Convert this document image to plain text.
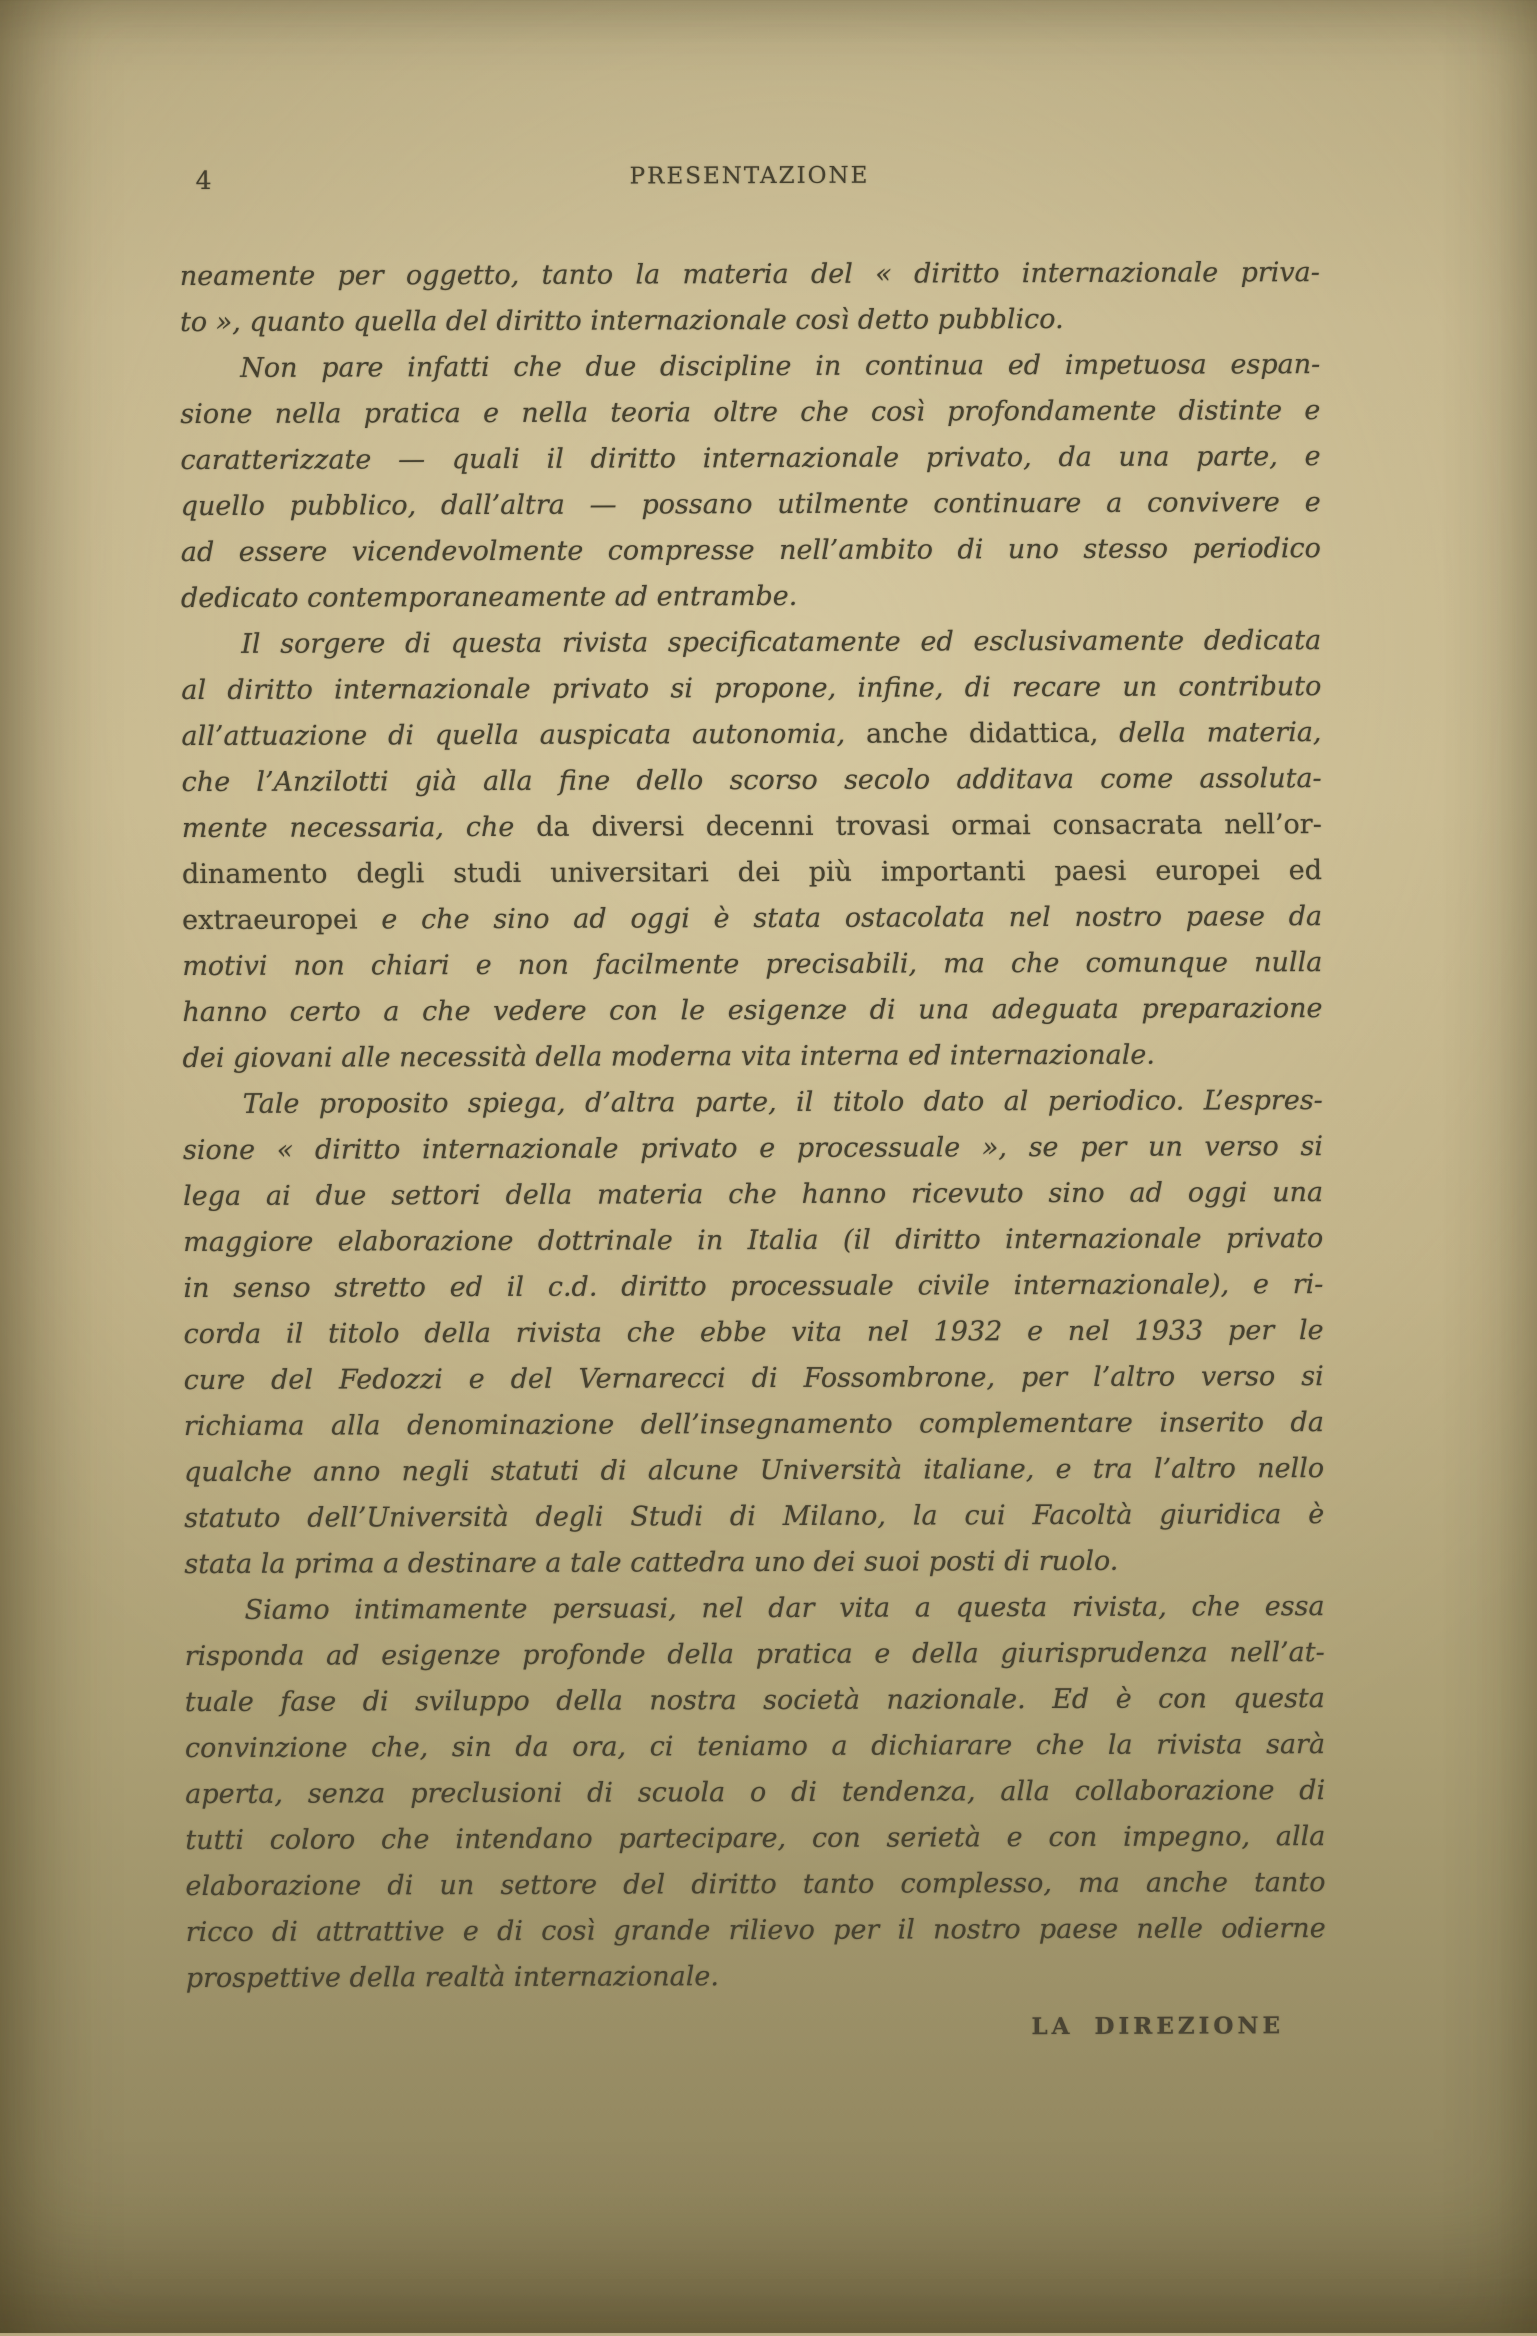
4	PRESENTAZIONE
neamente per oggetto, tanto la materia del « diritto internazionale priva-
to », quanto quella del diritto internazionale così detto pubblico.
Non pare infatti che due discipline in continua ed impetuosa espan-
sione nella pratica e nella teoria oltre che così profondamente distinte e
caratterizzate — quali il diritto internazionale privato, da una parte, e
quello pubblico, dall’altra — possano utilmente continuare a convivere e
ad essere vicendevolmente compresse nell’ambito di uno stesso periodico
dedicato contemporaneamente ad entrambe.
Il sorgere di questa rivista specificatamente ed esclusivamente dedicata
al diritto internazionale privato si propone, infine, di recare un contributo
all’attuazione di quella auspicata autonomia, anche didattica, della materia,
che l’Anzilotti già alla fine dello scorso secolo additava come assoluta-
mente necessaria, che da diversi decenni trovasi ormai consacrata nell’or-
dinamento degli studi universitari dei più importanti paesi europei ed
extraeuropei e che sino ad oggi è stata ostacolata nel nostro paese da
motivi non chiari e non facilmente precisabili, ma che comunque nulla
hanno certo a che vedere con le esigenze di una adeguata preparazione
dei giovani alle necessità della moderna vita interna ed internazionale.
Tale proposito spiega, d’altra parte, il titolo dato al periodico. L’espres-
sione « diritto internazionale privato e processuale », se per un verso si
lega ai due settori della materia che hanno ricevuto sino ad oggi una
maggiore elaborazione dottrinale in Italia (il diritto internazionale privato
in senso stretto ed il c.d. diritto processuale civile internazionale), e ri-
corda il titolo della rivista che ebbe vita nel 1932 e nel 1933 per le
cure del Fedozzi e del Vernarecci di Fossombrone, per l’altro verso si
richiama alla denominazione dell’insegnamento complementare inserito da
qualche anno negli statuti di alcune Università italiane, e tra l’altro nello
statuto dell’Università degli Studi di Milano, la cui Facoltà giuridica è
stata la prima a destinare a tale cattedra uno dei suoi posti di ruolo.
Siamo intimamente persuasi, nel dar vita a questa rivista, che essa
risponda ad esigenze profonde della pratica e della giurisprudenza nell’at-
tuale fase di sviluppo della nostra società nazionale. Ed è con questa
convinzione che, sin da ora, ci teniamo a dichiarare che la rivista sarà
aperta, senza preclusioni di scuola o di tendenza, alla collaborazione di
tutti coloro che intendano partecipare, con serietà e con impegno, alla
elaborazione di un settore del diritto tanto complesso, ma anche tanto
ricco di attrattive e di così grande rilievo per il nostro paese nelle odierne
prospettive della realtà internazionale.
LA DIREZIONE
